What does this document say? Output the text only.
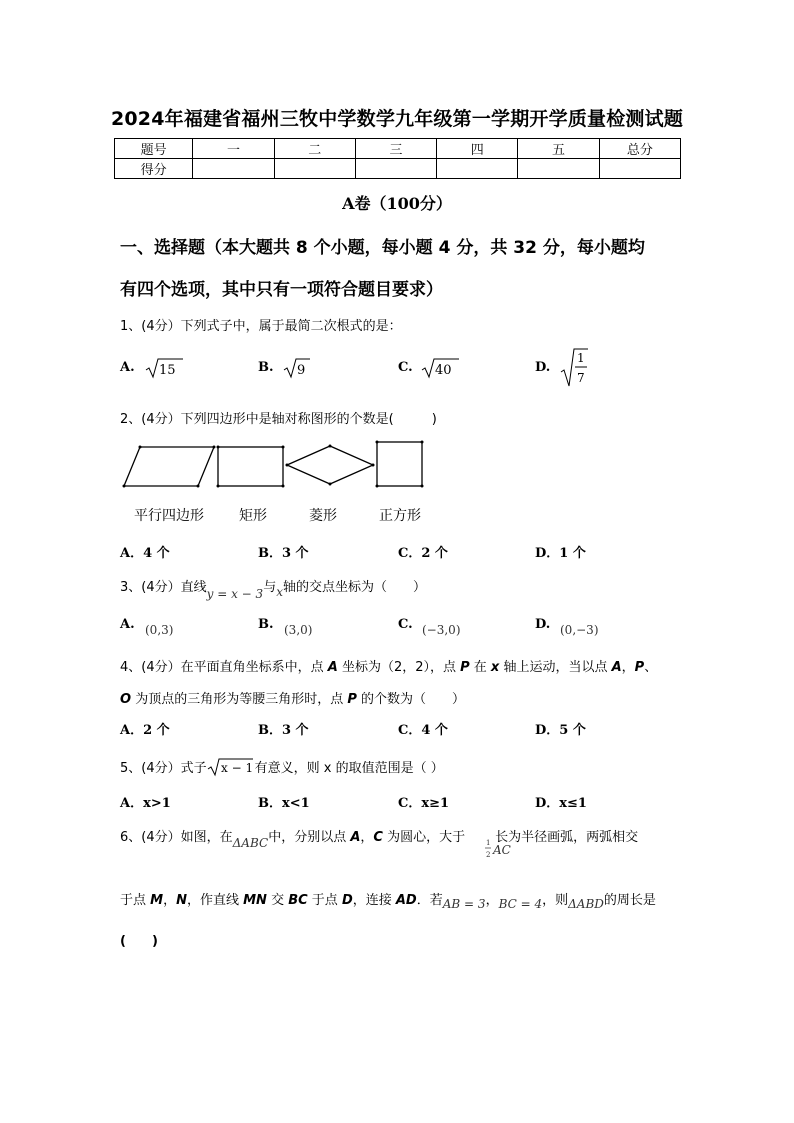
2024年福建省福州三牧中学数学九年级第一学期开学质量检测试题
题号	一	二	三	四	五	总分
得分						
A卷（100分）
一、选择题（本大题共 8 个小题，每小题 4 分，共 32 分，每小题均
有四个选项，其中只有一项符合题目要求）
1、(4分）下列式子中，属于最简二次根式的是：
A. 15	B. 9	C. 40	D.
1
7
2、(4分）下列四边形中是轴对称图形的个数是(	)
平行四边形	矩形	菱形	正方形
A．4 个	B．3 个	C．2 个	D．1 个
3、(4分）直线y = x − 3与x轴的交点坐标为（　　）
A. (0,3)	B. (3,0)	C. (−3,0)	D. (0,−3)
4、(4分）在平面直角坐标系中，点 A 坐标为（2，2），点 P 在 x 轴上运动，当以点 A，P、
O 为顶点的三角形为等腰三角形时，点 P 的个数为（　　）
A．2 个	B．3 个	C．4 个	D．5 个
5、(4分）式子 x − 1 有意义，则 x 的取值范围是（ ）
A．x>1	B．x<1	C．x≥1	D．x≤1
6、(4分）如图，在ΔABC中，分别以点 A，C 为圆心，大于 长为半径画弧，两弧相交
1
2 AC
于点 M，N，作直线 MN 交 BC 于点 D，连接 AD．若AB = 3，BC = 4，则ΔABD的周长是
(　　)
